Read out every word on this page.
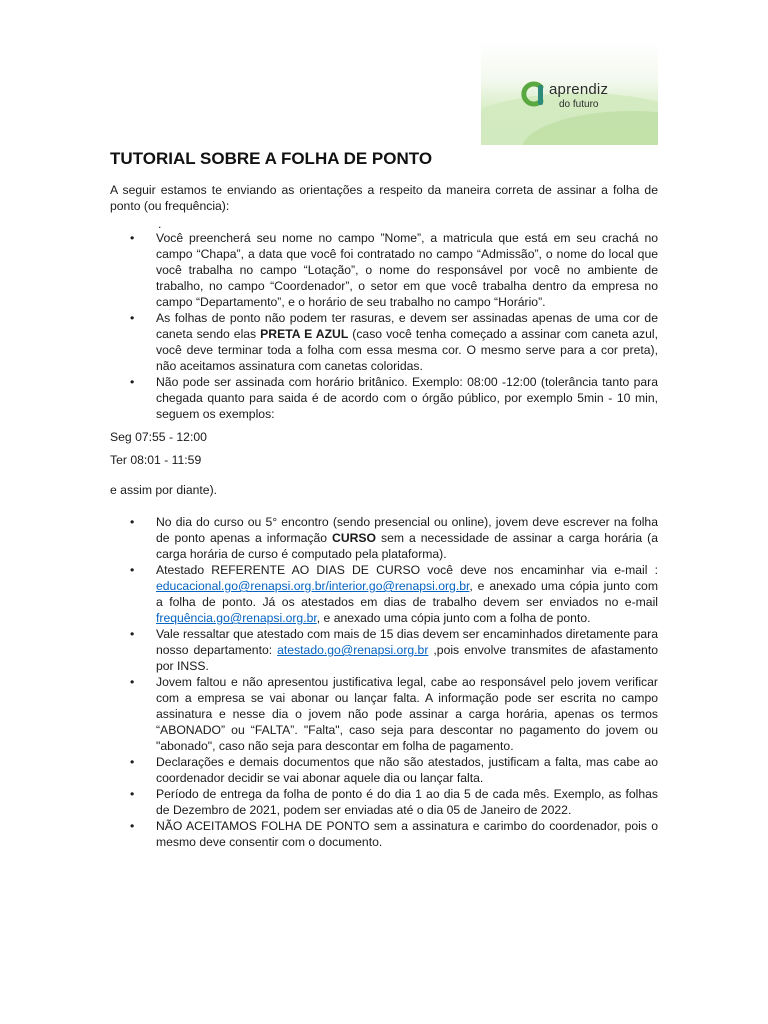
aprendiz
do futuro
TUTORIAL SOBRE A FOLHA DE PONTO

A seguir estamos te enviando as orientações a respeito da maneira correta de assinar a folha de ponto (ou frequência):

.

• Você preencherá seu nome no campo ”Nome”, a matricula que está em seu crachá no campo “Chapa”, a data que você foi contratado no campo “Admissão”, o nome do local que você trabalha no campo “Lotação”, o nome do responsável por você no ambiente de trabalho, no campo “Coordenador”, o setor em que você trabalha dentro da empresa no campo “Departamento”, e o horário de seu trabalho no campo “Horário”.
• As folhas de ponto não podem ter rasuras, e devem ser assinadas apenas de uma cor de caneta sendo elas PRETA E AZUL (caso você tenha começado a assinar com caneta azul, você deve terminar toda a folha com essa mesma cor. O mesmo serve para a cor preta), não aceitamos assinatura com canetas coloridas.
• Não pode ser assinada com horário britânico. Exemplo: 08:00 -12:00 (tolerância tanto para chegada quanto para saida é de acordo com o órgão público, por exemplo 5min - 10 min, seguem os exemplos:

Seg 07:55 - 12:00

Ter 08:01 - 11:59

e assim por diante).

• No dia do curso ou 5° encontro (sendo presencial ou online), jovem deve escrever na folha de ponto apenas a informação CURSO sem a necessidade de assinar a carga horária (a carga horária de curso é computado pela plataforma).
• Atestado REFERENTE AO DIAS DE CURSO você deve nos encaminhar via e-mail : educacional.go@renapsi.org.br/interior.go@renapsi.org.br, e anexado uma cópia junto com a folha de ponto. Já os atestados em dias de trabalho devem ser enviados no e-mail frequência.go@renapsi.org.br, e anexado uma cópia junto com a folha de ponto.
• Vale ressaltar que atestado com mais de 15 dias devem ser encaminhados diretamente para nosso departamento: atestado.go@renapsi.org.br ,pois envolve transmites de afastamento por INSS.
• Jovem faltou e não apresentou justificativa legal, cabe ao responsável pelo jovem verificar com a empresa se vai abonar ou lançar falta. A informação pode ser escrita no campo assinatura e nesse dia o jovem não pode assinar a carga horária, apenas os termos “ABONADO” ou “FALTA”. "Falta", caso seja para descontar no pagamento do jovem ou "abonado", caso não seja para descontar em folha de pagamento.
• Declarações e demais documentos que não são atestados, justificam a falta, mas cabe ao coordenador decidir se vai abonar aquele dia ou lançar falta.
• Período de entrega da folha de ponto é do dia 1 ao dia 5 de cada mês. Exemplo, as folhas de Dezembro de 2021, podem ser enviadas até o dia 05 de Janeiro de 2022.
• NÃO ACEITAMOS FOLHA DE PONTO sem a assinatura e carimbo do coordenador, pois o mesmo deve consentir com o documento.
